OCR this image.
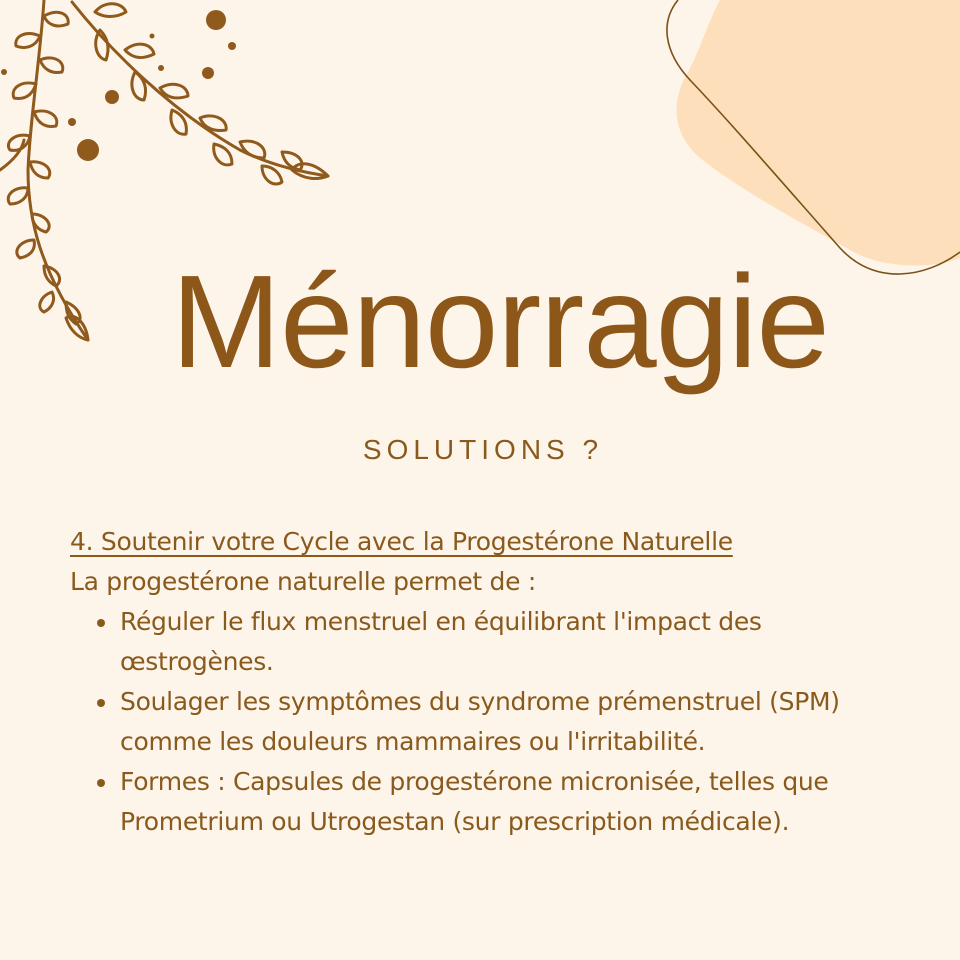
Ménorragie
SOLUTIONS ?

4. Soutenir votre Cycle avec la Progestérone Naturelle

La progestérone naturelle permet de :

Réguler le flux menstruel en équilibrant l'impact des œstrogènes.
Soulager les symptômes du syndrome prémenstruel (SPM) comme les douleurs mammaires ou l'irritabilité.
Formes : Capsules de progestérone micronisée, telles que Prometrium ou Utrogestan (sur prescription médicale).
